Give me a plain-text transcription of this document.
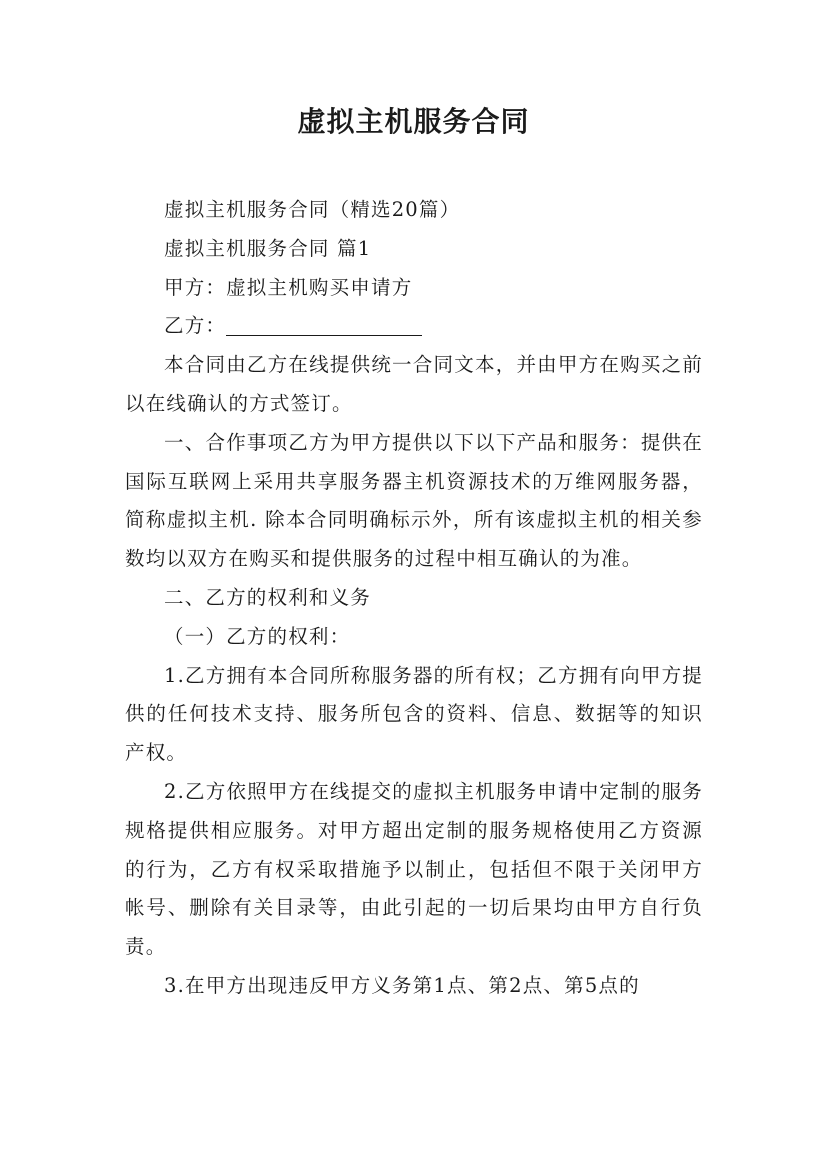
虚拟主机服务合同

虚拟主机服务合同（精选20篇）

虚拟主机服务合同 篇1

甲方：虚拟主机购买申请方

乙方：

本合同由乙方在线提供统一合同文本，并由甲方在购买之前以在线确认的方式签订。

一、合作事项乙方为甲方提供以下以下产品和服务：提供在国际互联网上采用共享服务器主机资源技术的万维网服务器，简称虚拟主机. 除本合同明确标示外，所有该虚拟主机的相关参数均以双方在购买和提供服务的过程中相互确认的为准。

二、乙方的权利和义务

（一）乙方的权利：

1.乙方拥有本合同所称服务器的所有权；乙方拥有向甲方提供的任何技术支持、服务所包含的资料、信息、数据等的知识产权。

2.乙方依照甲方在线提交的虚拟主机服务申请中定制的服务规格提供相应服务。对甲方超出定制的服务规格使用乙方资源的行为，乙方有权采取措施予以制止，包括但不限于关闭甲方帐号、删除有关目录等，由此引起的一切后果均由甲方自行负责。

3.在甲方出现违反甲方义务第1点、第2点、第5点的
